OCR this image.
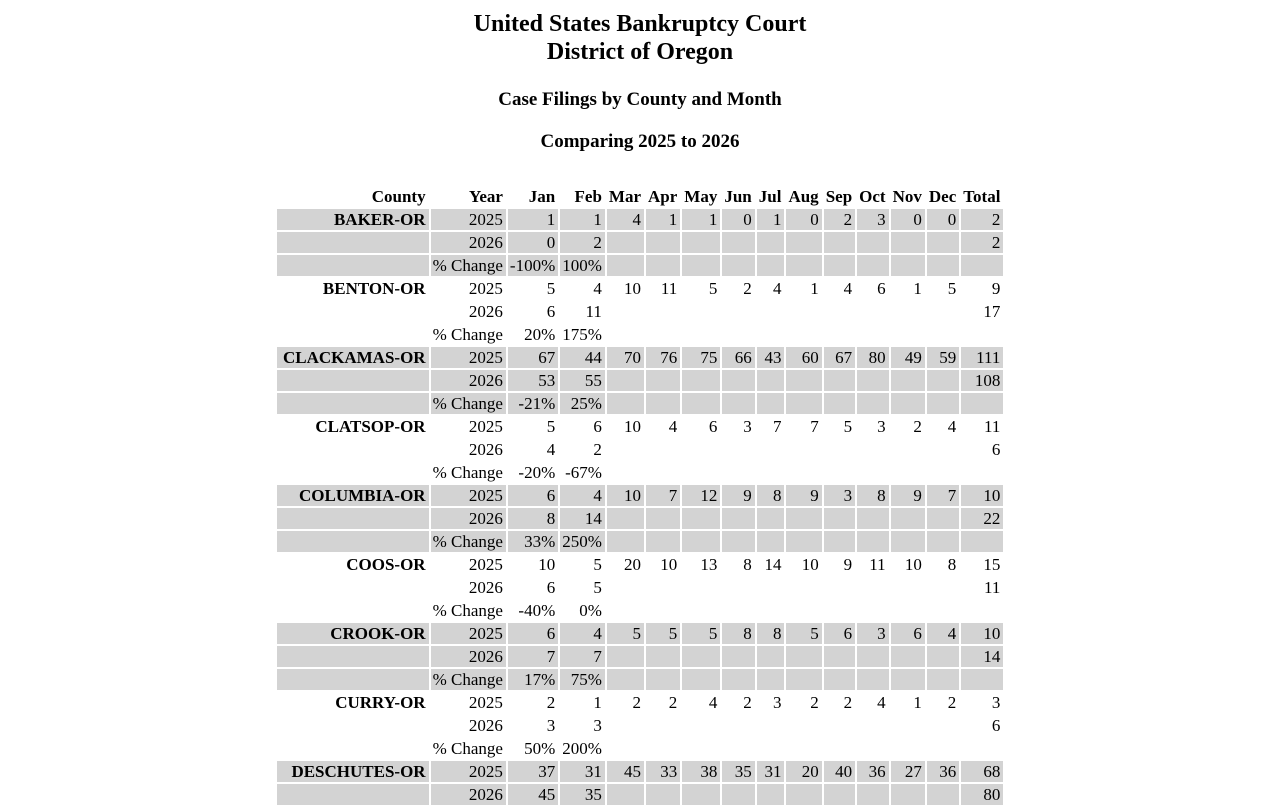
United States Bankruptcy Court
District of Oregon

Case Filings by County and Month

Comparing 2025 to 2026

County	Year	Jan	Feb	Mar	Apr	May	Jun	Jul	Aug	Sep	Oct	Nov	Dec	Total
BAKER-OR	2025	1	1	4	1	1	0	1	0	2	3	0	0	2
	2026	0	2											2
	% Change	-100%	100%											
BENTON-OR	2025	5	4	10	11	5	2	4	1	4	6	1	5	9
	2026	6	11											17
	% Change	20%	175%											
CLACKAMAS-OR	2025	67	44	70	76	75	66	43	60	67	80	49	59	111
	2026	53	55											108
	% Change	-21%	25%											
CLATSOP-OR	2025	5	6	10	4	6	3	7	7	5	3	2	4	11
	2026	4	2											6
	% Change	-20%	-67%											
COLUMBIA-OR	2025	6	4	10	7	12	9	8	9	3	8	9	7	10
	2026	8	14											22
	% Change	33%	250%											
COOS-OR	2025	10	5	20	10	13	8	14	10	9	11	10	8	15
	2026	6	5											11
	% Change	-40%	0%											
CROOK-OR	2025	6	4	5	5	5	8	8	5	6	3	6	4	10
	2026	7	7											14
	% Change	17%	75%											
CURRY-OR	2025	2	1	2	2	4	2	3	2	2	4	1	2	3
	2026	3	3											6
	% Change	50%	200%											
DESCHUTES-OR	2025	37	31	45	33	38	35	31	20	40	36	27	36	68
	2026	45	35											80
